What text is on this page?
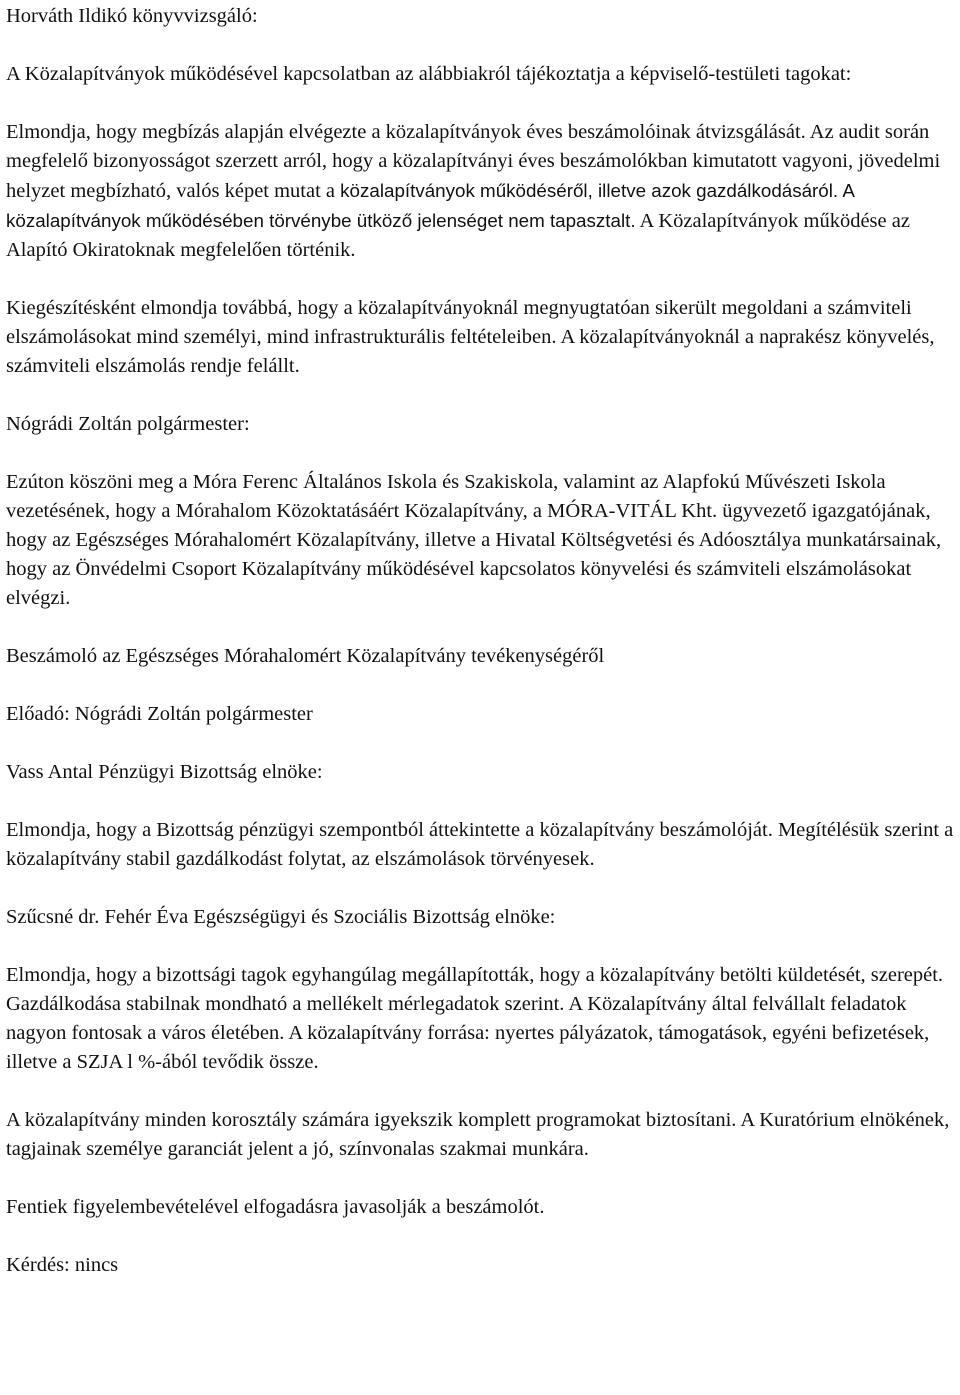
Horváth Ildikó könyvvizsgáló:

A Közalapítványok működésével kapcsolatban az alábbiakról tájékoztatja a képviselő-testületi tagokat:

Elmondja, hogy megbízás alapján elvégezte a közalapítványok éves beszámolóinak átvizsgálását. Az audit során megfelelő bizonyosságot szerzett arról, hogy a közalapítványi éves beszámolókban kimutatott vagyoni, jövedelmi helyzet megbízható, valós képet mutat a közalapítványok működéséről, illetve azok gazdálkodásáról. A közalapítványok működésében törvénybe ütköző jelenséget nem tapasztalt. A Közalapítványok működése az Alapító Okiratoknak megfelelően történik.

Kiegészítésként elmondja továbbá, hogy a közalapítványoknál megnyugtatóan sikerült megoldani a számviteli elszámolásokat mind személyi, mind infrastrukturális feltételeiben. A közalapítványoknál a naprakész könyvelés, számviteli elszámolás rendje felállt.

Nógrádi Zoltán polgármester:

Ezúton köszöni meg a Móra Ferenc Általános Iskola és Szakiskola, valamint az Alapfokú Művészeti Iskola vezetésének, hogy a Mórahalom Közoktatásáért Közalapítvány, a MÓRA-VITÁL Kht. ügyvezető igazgatójának, hogy az Egészséges Mórahalomért Közalapítvány, illetve a Hivatal Költségvetési és Adóosztálya munkatársainak, hogy az Önvédelmi Csoport Közalapítvány működésével kapcsolatos könyvelési és számviteli elszámolásokat elvégzi.

Beszámoló az Egészséges Mórahalomért Közalapítvány tevékenységéről

Előadó: Nógrádi Zoltán polgármester

Vass Antal Pénzügyi Bizottság elnöke:

Elmondja, hogy a Bizottság pénzügyi szempontból áttekintette a közalapítvány beszámolóját. Megítélésük szerint a közalapítvány stabil gazdálkodást folytat, az elszámolások törvényesek.

Szűcsné dr. Fehér Éva Egészségügyi és Szociális Bizottság elnöke:

Elmondja, hogy a bizottsági tagok egyhangúlag megállapították, hogy a közalapítvány betölti küldetését, szerepét. Gazdálkodása stabilnak mondható a mellékelt mérlegadatok szerint. A Közalapítvány által felvállalt feladatok nagyon fontosak a város életében. A közalapítvány forrása: nyertes pályázatok, támogatások, egyéni befizetések, illetve a SZJA l %-ából tevődik össze.

A közalapítvány minden korosztály számára igyekszik komplett programokat biztosítani. A Kuratórium elnökének, tagjainak személye garanciát jelent a jó, színvonalas szakmai munkára.

Fentiek figyelembevételével elfogadásra javasolják a beszámolót.

Kérdés: nincs
